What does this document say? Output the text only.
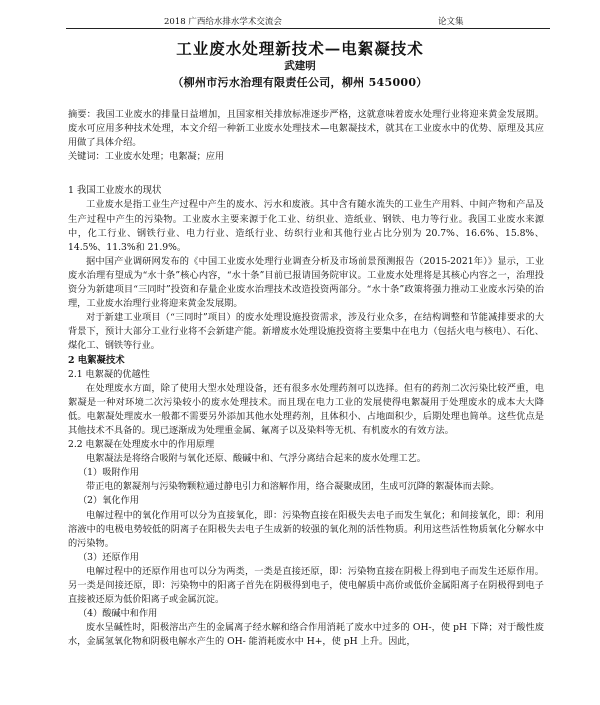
2018 广西给水排水学术交流会	论文集
工业废水处理新技术—电絮凝技术
武建明
（柳州市污水治理有限责任公司，柳州 545000）

摘要：我国工业废水的排量日益增加，且国家相关排放标准逐步严格，这就意味着废水处理行业将迎来黄金发展期。废水可应用多种技术处理，本文介绍一种新工业废水处理技术—电絮凝技术，就其在工业废水中的优势、原理及其应用做了具体介绍。
关键词：工业废水处理；电絮凝；应用

1 我国工业废水的现状

工业废水是指工业生产过程中产生的废水、污水和废液。其中含有随水流失的工业生产用料、中间产物和产品及生产过程中产生的污染物。工业废水主要来源于化工业、纺织业、造纸业、钢铁、电力等行业。我国工业废水来源中，化工行业、钢铁行业、电力行业、造纸行业、纺织行业和其他行业占比分别为 20.7%、16.6%、15.8%、14.5%、11.3%和 21.9%。

据中国产业调研网发布的《中国工业废水处理行业调查分析及市场前景预测报告（2015-2021年）》显示，工业废水治理有望成为“水十条”核心内容，“水十条”目前已报请国务院审议。工业废水处理将是其核心内容之一，治理投资分为新建项目“三同时”投资和存量企业废水治理技术改造投资两部分。“水十条”政策将强力推动工业废水污染的治理，工业废水治理行业将迎来黄金发展期。

对于新建工业项目（“三同时”项目）的废水处理设施投资需求，涉及行业众多，在结构调整和节能减排要求的大背景下，预计大部分工业行业将不会新建产能。新增废水处理设施投资将主要集中在电力（包括火电与核电）、石化、煤化工、钢铁等行业。

2 电絮凝技术

2.1 电絮凝的优越性

在处理废水方面，除了使用大型水处理设备，还有很多水处理药剂可以选择。但有的药剂二次污染比较严重，电絮凝是一种对环境二次污染较小的废水处理技术。而且现在电力工业的发展使得电絮凝用于处理废水的成本大大降低。电絮凝处理废水一般都不需要另外添加其他水处理药剂，且体积小、占地面积少，后期处理也简单。这些优点是其他技术不具备的。现已逐渐成为处理重金属、氟离子以及染料等无机、有机废水的有效方法。

2.2 电絮凝在处理废水中的作用原理

电絮凝法是将络合吸附与氧化还原、酸碱中和、气浮分离结合起来的废水处理工艺。

（1）吸附作用

带正电的絮凝剂与污染物颗粒通过静电引力和溶解作用，络合凝聚成团，生成可沉降的絮凝体而去除。

（2）氧化作用

电解过程中的氧化作用可以分为直接氧化，即：污染物直接在阳极失去电子而发生氧化；和间接氧化，即：利用溶液中的电极电势较低的阴离子在阳极失去电子生成新的较强的氧化剂的活性物质。利用这些活性物质氧化分解水中的污染物。

（3）还原作用

电解过程中的还原作用也可以分为两类，一类是直接还原，即：污染物直接在阴极上得到电子而发生还原作用。另一类是间接还原，即：污染物中的阳离子首先在阴极得到电子，使电解质中高价或低价金属阳离子在阴极得到电子直接被还原为低价阳离子或金属沉淀。

（4）酸碱中和作用

废水呈碱性时，阳极溶出产生的金属离子经水解和络合作用消耗了废水中过多的 OH-，使 pH 下降；对于酸性废水，金属氢氧化物和阴极电解水产生的 OH- 能消耗废水中 H+，使 pH 上升。因此，
